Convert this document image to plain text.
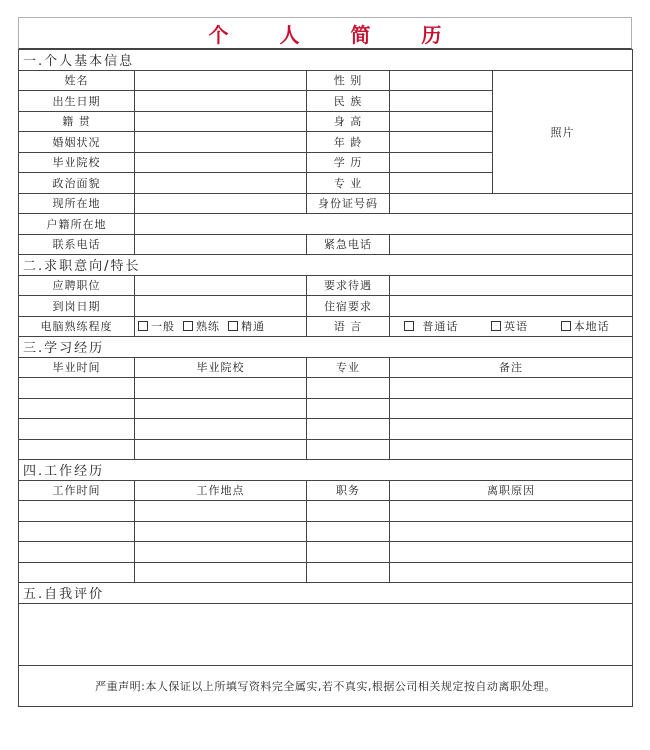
个 人 简 历
一.个人基本信息				
姓名		性 别		照片
出生日期		民 族		
籍 贯		身 高		
婚姻状况		年 龄		
毕业院校		学 历		
政治面貌		专 业		
现所在地		身份证号码		
户籍所在地				
联系电话		紧急电话		
二.求职意向/特长				
应聘职位		要求待遇		
到岗日期		住宿要求		
电脑熟练程度	一般 熟练 精通	语 言	普通话 英语 本地话	

三.学习经历				
毕业时间	毕业院校	专业	备注	

四.工作经历				
工作时间	工作地点	职务	离职原因	

五.自我评价				

严重声明:本人保证以上所填写资料完全属实,若不真实,根据公司相关规定按自动离职处理。				
